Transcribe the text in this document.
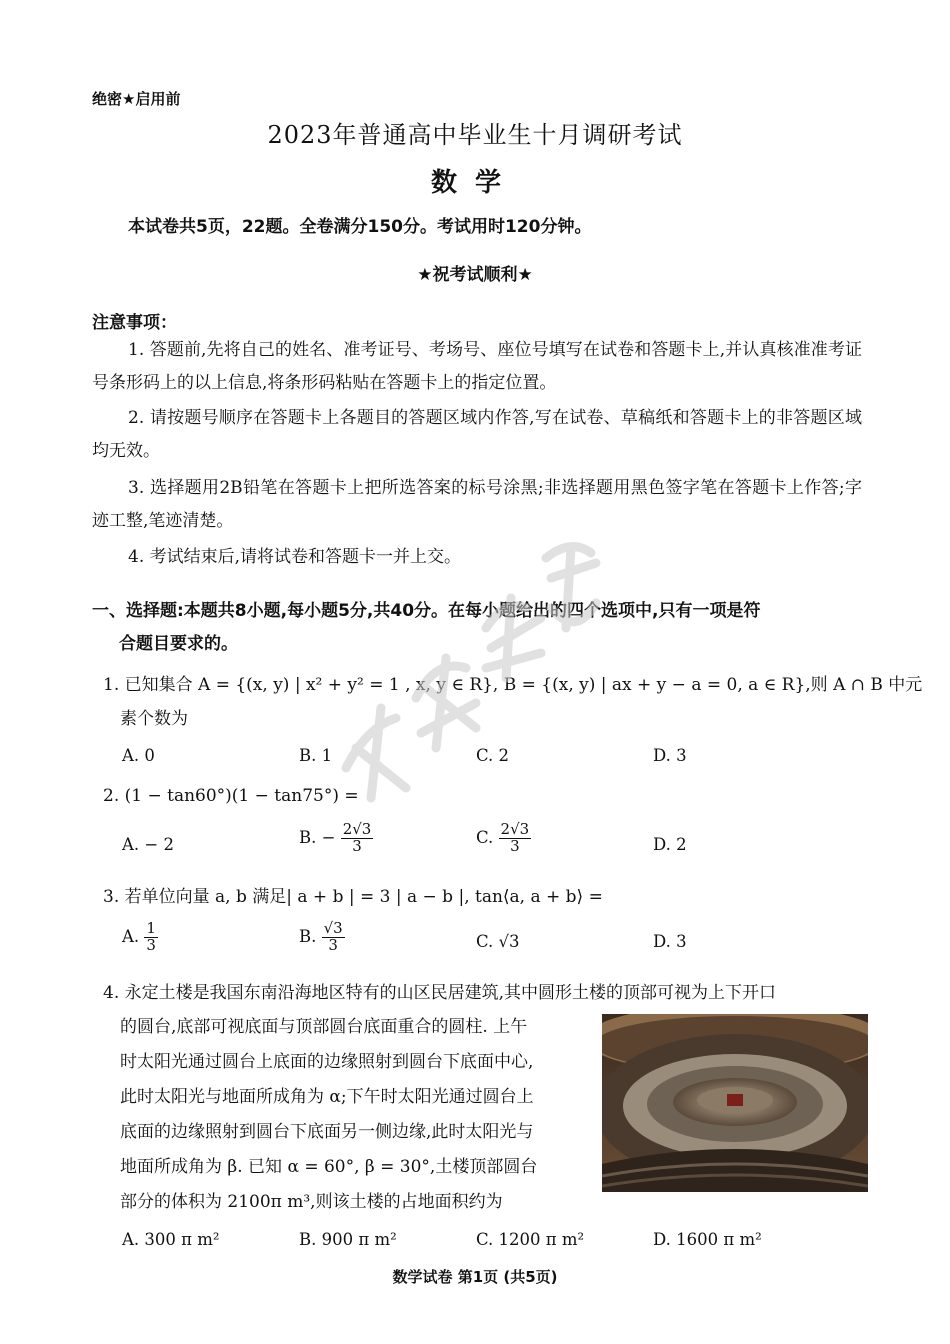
绝密★启用前
2023年普通高中毕业生十月调研考试
数学
本试卷共5页，22题。全卷满分150分。考试用时120分钟。
★祝考试顺利★
注意事项：
1. 答题前,先将自己的姓名、准考证号、考场号、座位号填写在试卷和答题卡上,并认真核准准考证号条形码上的以上信息,将条形码粘贴在答题卡上的指定位置。
2. 请按题号顺序在答题卡上各题目的答题区域内作答,写在试卷、草稿纸和答题卡上的非答题区域均无效。
3. 选择题用2B铅笔在答题卡上把所选答案的标号涂黑;非选择题用黑色签字笔在答题卡上作答;字迹工整,笔迹清楚。
4. 考试结束后,请将试卷和答题卡一并上交。
一、选择题:本题共8小题,每小题5分,共40分。在每小题给出的四个选项中,只有一项是符
合题目要求的。
1. 已知集合 A = {(x, y) | x² + y² = 1 , x, y ∈ R}, B = {(x, y) | ax + y − a = 0, a ∈ R},则 A ∩ B 中元
素个数为
A. 0	B. 1	C. 2	D. 3
2. (1 − tan60°)(1 − tan75°) =
A. − 2	B. − $\frac{2√3}{3}$	C. $\frac{2√3}{3}$	D. 2
3. 若单位向量 a, b 满足| a + b | = 3 | a − b |, tan⟨a, a + b⟩ =
A. $\frac{1}{3}$	B. $\frac{√3}{3}$	C. √3	D. 3
4. 永定土楼是我国东南沿海地区特有的山区民居建筑,其中圆形土楼的顶部可视为上下开口
的圆台,底部可视底面与顶部圆台底面重合的圆柱. 上午
时太阳光通过圆台上底面的边缘照射到圆台下底面中心,
此时太阳光与地面所成角为 α;下午时太阳光通过圆台上
底面的边缘照射到圆台下底面另一侧边缘,此时太阳光与
地面所成角为 β. 已知 α = 60°, β = 30°,土楼顶部圆台
部分的体积为 2100π m³,则该土楼的占地面积约为
A. 300 π m²	B. 900 π m²	C. 1200 π m²	D. 1600 π m²
数学试卷 第1页 (共5页)
